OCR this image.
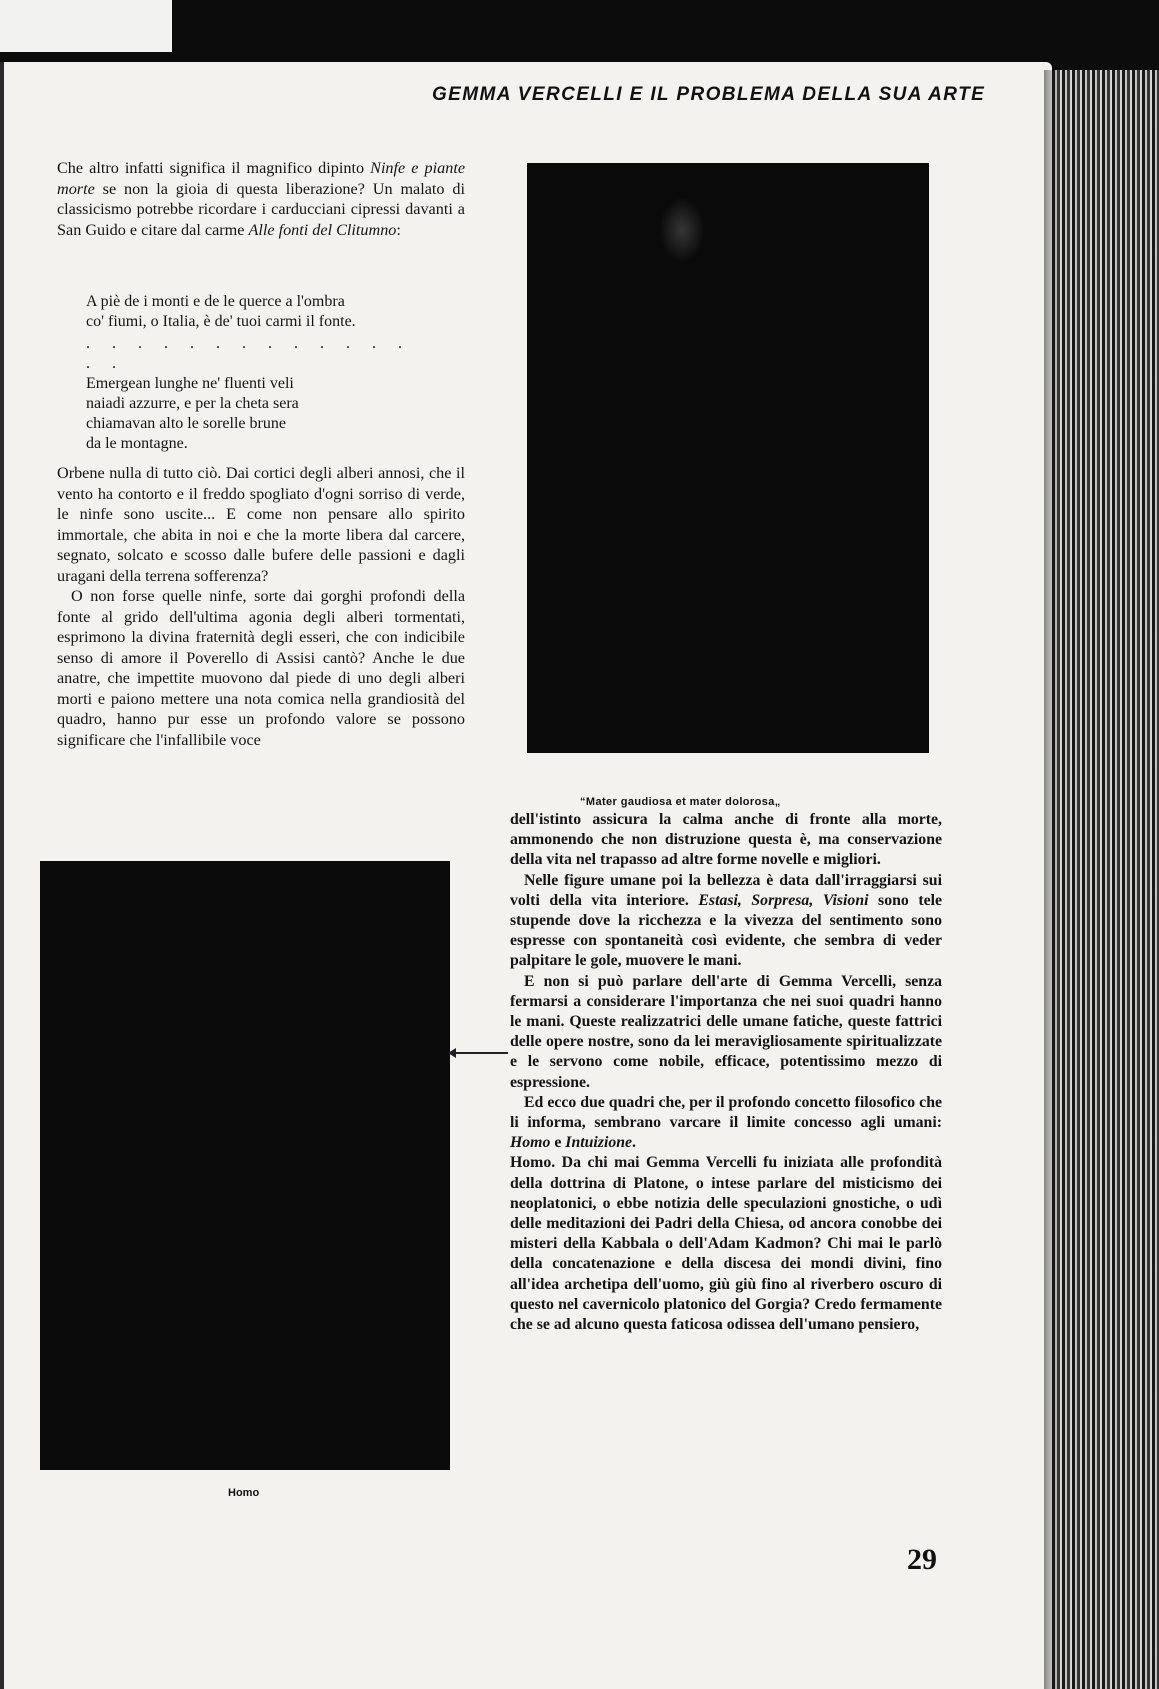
GEMMA VERCELLI E IL PROBLEMA DELLA SUA ARTE

Che altro infatti significa il magnifico dipinto Ninfe e piante morte se non la gioia di questa liberazione? Un malato di classicismo potrebbe ricordare i carducciani cipressi davanti a San Guido e citare dal carme Alle fonti del Clitumno:

A piè de i monti e de le querce a l'ombra
co' fiumi, o Italia, è de' tuoi carmi il fonte.
. . . . . . . . . . . . . . .
Emergean lunghe ne' fluenti veli
naiadi azzurre, e per la cheta sera
chiamavan alto le sorelle brune
da le montagne.

Orbene nulla di tutto ciò. Dai cortici degli alberi annosi, che il vento ha contorto e il freddo spogliato d'ogni sorriso di verde, le ninfe sono uscite... E come non pensare allo spirito immortale, che abita in noi e che la morte libera dal carcere, segnato, solcato e scosso dalle bufere delle passioni e dagli uragani della terrena sofferenza?

O non forse quelle ninfe, sorte dai gorghi profondi della fonte al grido dell'ultima agonia degli alberi tormentati, esprimono la divina fraternità degli esseri, che con indicibile senso di amore il Poverello di Assisi cantò? Anche le due anatre, che impettite muovono dal piede di uno degli alberi morti e paiono mettere una nota comica nella grandiosità del quadro, hanno pur esse un profondo valore se possono significare che l'infallibile voce

“Mater gaudiosa et mater dolorosa„
Homo

dell'istinto assicura la calma anche di fronte alla morte, ammonendo che non distruzione questa è, ma conservazione della vita nel trapasso ad altre forme novelle e migliori.

Nelle figure umane poi la bellezza è data dall'irraggiarsi sui volti della vita interiore. Estasi, Sorpresa, Visioni sono tele stupende dove la ricchezza e la vivezza del sentimento sono espresse con spontaneità così evidente, che sembra di veder palpitare le gole, muovere le mani.

E non si può parlare dell'arte di Gemma Vercelli, senza fermarsi a considerare l'importanza che nei suoi quadri hanno le mani. Queste realizzatrici delle umane fatiche, queste fattrici delle opere nostre, sono da lei meravigliosamente spiritualizzate e le servono come nobile, efficace, potentissimo mezzo di espressione.

Ed ecco due quadri che, per il profondo concetto filosofico che li informa, sembrano varcare il limite concesso agli umani: Homo e Intuizione.

Homo. Da chi mai Gemma Vercelli fu iniziata alle profondità della dottrina di Platone, o intese parlare del misticismo dei neoplatonici, o ebbe notizia delle speculazioni gnostiche, o udì delle meditazioni dei Padri della Chiesa, od ancora conobbe dei misteri della Kabbala o dell'Adam Kadmon? Chi mai le parlò della concatenazione e della discesa dei mondi divini, fino all'idea archetipa dell'uomo, giù giù fino al riverbero oscuro di questo nel cavernicolo platonico del Gorgia? Credo fermamente che se ad alcuno questa faticosa odissea dell'umano pensiero,

29
